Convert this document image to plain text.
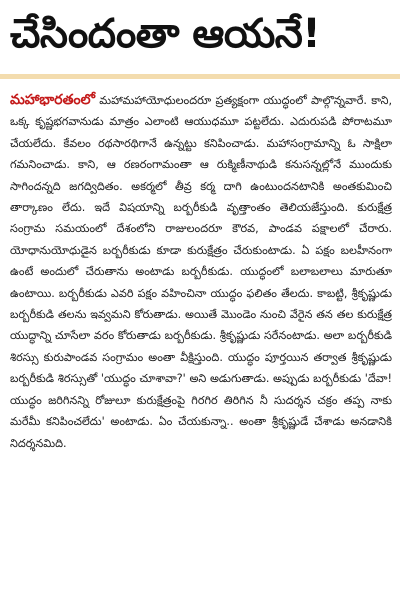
చేసిందంతా ఆయనే!
మహాభారతంలో మహామహాయోధులందరూ ప్రత్యక్షంగా యుద్ధంలో పాల్గొన్నవారే. కాని, ఒక్క కృష్ణభగవానుడు మాత్రం ఎలాంటి ఆయుధమూ పట్టలేదు. ఎదురుపడి పోరాటమూ చేయలేదు. కేవలం రథసారథిగానే ఉన్నట్టు కనిపించాడు. మహాసంగ్రామాన్ని ఓ సాక్షిలా గమనించాడు. కాని, ఆ రణరంగామంతా ఆ రుక్మిణీనాథుడి కనుసన్నల్లోనే ముందుకు సాగిందన్నది జగద్విదితం. అకర్మలో తీవ్ర కర్మ దాగి ఉంటుందనటానికి అంతకుమించి తార్కాణం లేదు. ఇదే విషయాన్ని బర్బరీకుడి వృత్తాంతం తెలియజేస్తుంది. కురుక్షేత్ర సంగ్రామ సమయంలో దేశంలోని రాజులందరూ కౌరవ, పాండవ పక్షాలలో చేరారు. యోధానుయోధుడైన బర్బరీకుడు కూడా కురుక్షేత్రం చేరుకుంటాడు. ఏ పక్షం బలహీనంగా ఉంటే అందులో చేరుతాను అంటాడు బర్బరీకుడు. యుద్ధంలో బలాబలాలు మారుతూ ఉంటాయి. బర్బరీకుడు ఎవరి పక్షం వహించినా యుద్ధం ఫలితం తేలదు. కాబట్టి, శ్రీకృష్ణుడు బర్బరీకుడి తలను ఇవ్వమని కోరుతాడు. అయితే మొండెం నుంచి వేరైన తన తల కురుక్షేత్ర యుద్ధాన్ని చూసేలా వరం కోరుతాడు బర్బరీకుడు. శ్రీకృష్ణుడు సరేనంటాడు. అలా బర్బరీకుడి శిరస్సు కురుపాండవ సంగ్రామం అంతా వీక్షిస్తుంది. యుద్ధం పూర్తయిన తర్వాత శ్రీకృష్ణుడు బర్బరీకుడి శిరస్సుతో 'యుద్ధం చూశావా?' అని అడుగుతాడు. అప్పుడు బర్బరీకుడు 'దేవా! యుద్ధం జరిగినన్ని రోజులూ కురుక్షేత్రంపై గిరగిర తిరిగిన నీ సుదర్శన చక్రం తప్ప నాకు మరేమీ కనిపించలేదు' అంటాడు. ఏం చేయకున్నా.. అంతా శ్రీకృష్ణుడే చేశాడు అనడానికి నిదర్శనమిది.
